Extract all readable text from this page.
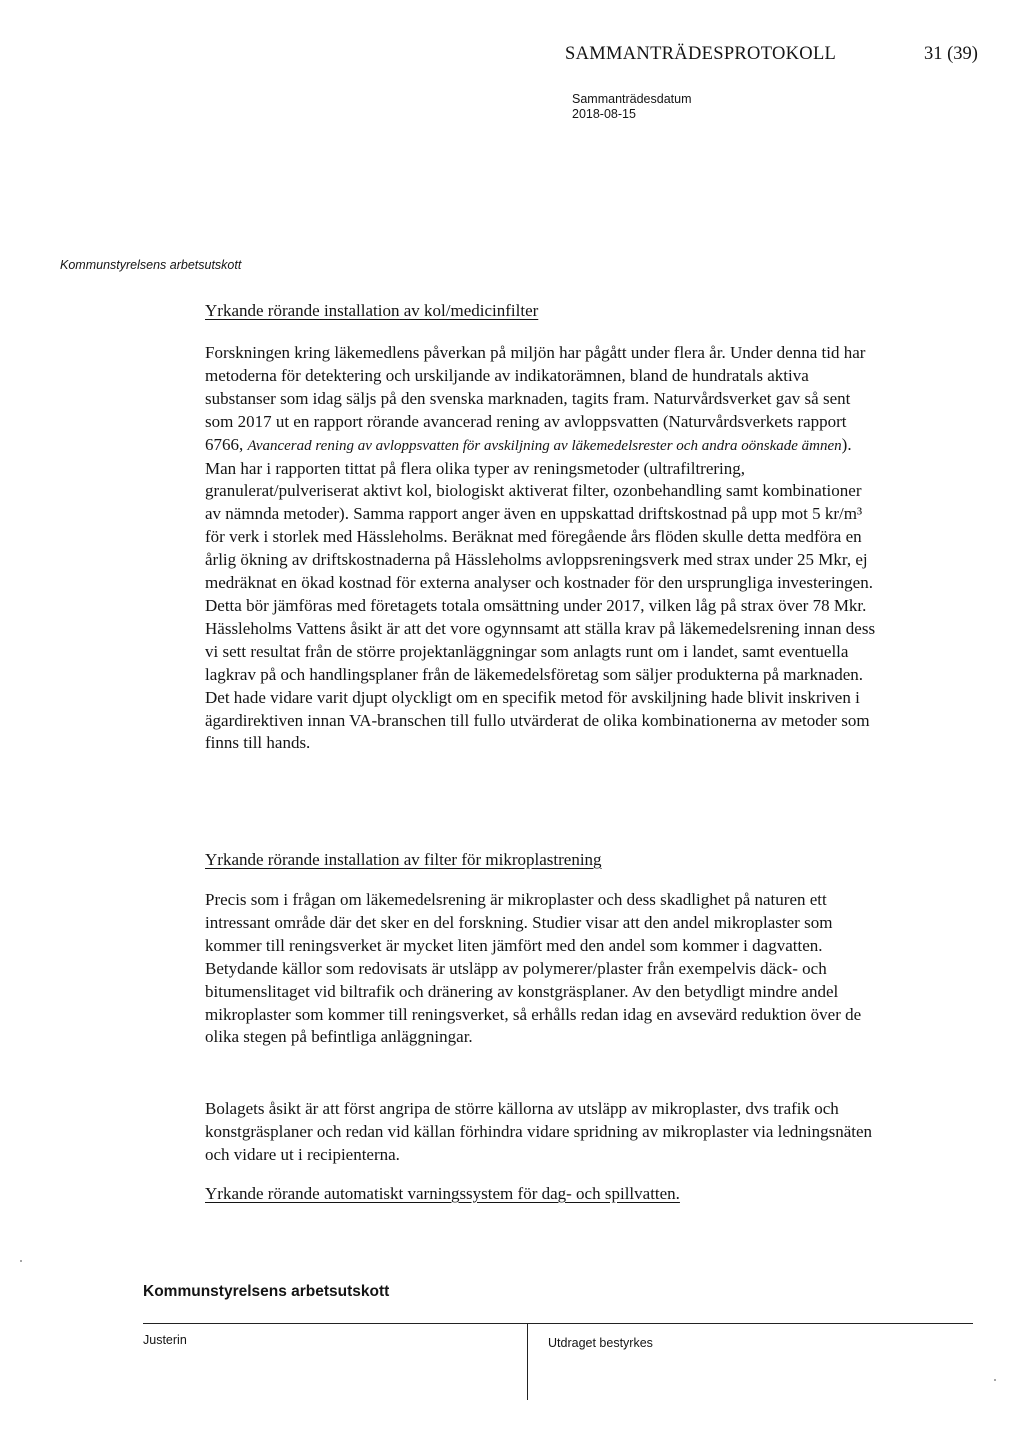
SAMMANTRÄDESPROTOKOLL	31 (39)
Sammanträdesdatum
2018-08-15
Kommunstyrelsens arbetsutskott
Yrkande rörande installation av kol/medicinfilter

Forskningen kring läkemedlens påverkan på miljön har pågått under flera år. Under denna tid har metoderna för detektering och urskiljande av indikatorämnen, bland de hundratals aktiva substanser som idag säljs på den svenska marknaden, tagits fram. Naturvårdsverket gav så sent som 2017 ut en rapport rörande avancerad rening av avloppsvatten (Naturvårdsverkets rapport 6766, Avancerad rening av avloppsvatten för avskiljning av läkemedelsrester och andra oönskade ämnen). Man har i rapporten tittat på flera olika typer av reningsmetoder (ultrafiltrering, granulerat/pulveriserat aktivt kol, biologiskt aktiverat filter, ozonbehandling samt kombinationer av nämnda metoder). Samma rapport anger även en uppskattad driftskostnad på upp mot 5 kr/m³ för verk i storlek med Hässleholms. Beräknat med föregående års flöden skulle detta medföra en årlig ökning av driftskostnaderna på Hässleholms avloppsreningsverk med strax under 25 Mkr, ej medräknat en ökad kostnad för externa analyser och kostnader för den ursprungliga investeringen. Detta bör jämföras med företagets totala omsättning under 2017, vilken låg på strax över 78 Mkr. Hässleholms Vattens åsikt är att det vore ogynnsamt att ställa krav på läkemedelsrening innan dess vi sett resultat från de större projektanläggningar som anlagts runt om i landet, samt eventuella lagkrav på och handlingsplaner från de läkemedelsföretag som säljer produkterna på marknaden. Det hade vidare varit djupt olyckligt om en specifik metod för avskiljning hade blivit inskriven i ägardirektiven innan VA-branschen till fullo utvärderat de olika kombinationerna av metoder som finns till hands.

Yrkande rörande installation av filter för mikroplastrening

Precis som i frågan om läkemedelsrening är mikroplaster och dess skadlighet på naturen ett intressant område där det sker en del forskning. Studier visar att den andel mikroplaster som kommer till reningsverket är mycket liten jämfört med den andel som kommer i dagvatten. Betydande källor som redovisats är utsläpp av polymerer/plaster från exempelvis däck- och bitumenslitaget vid biltrafik och dränering av konstgräsplaner. Av den betydligt mindre andel mikroplaster som kommer till reningsverket, så erhålls redan idag en avsevärd reduktion över de olika stegen på befintliga anläggningar.

Bolagets åsikt är att först angripa de större källorna av utsläpp av mikroplaster, dvs trafik och konstgräsplaner och redan vid källan förhindra vidare spridning av mikroplaster via ledningsnäten och vidare ut i recipienterna.

Yrkande rörande automatiskt varningssystem för dag- och spillvatten.
Kommunstyrelsens arbetsutskott
Justerin	Utdraget bestyrkes
